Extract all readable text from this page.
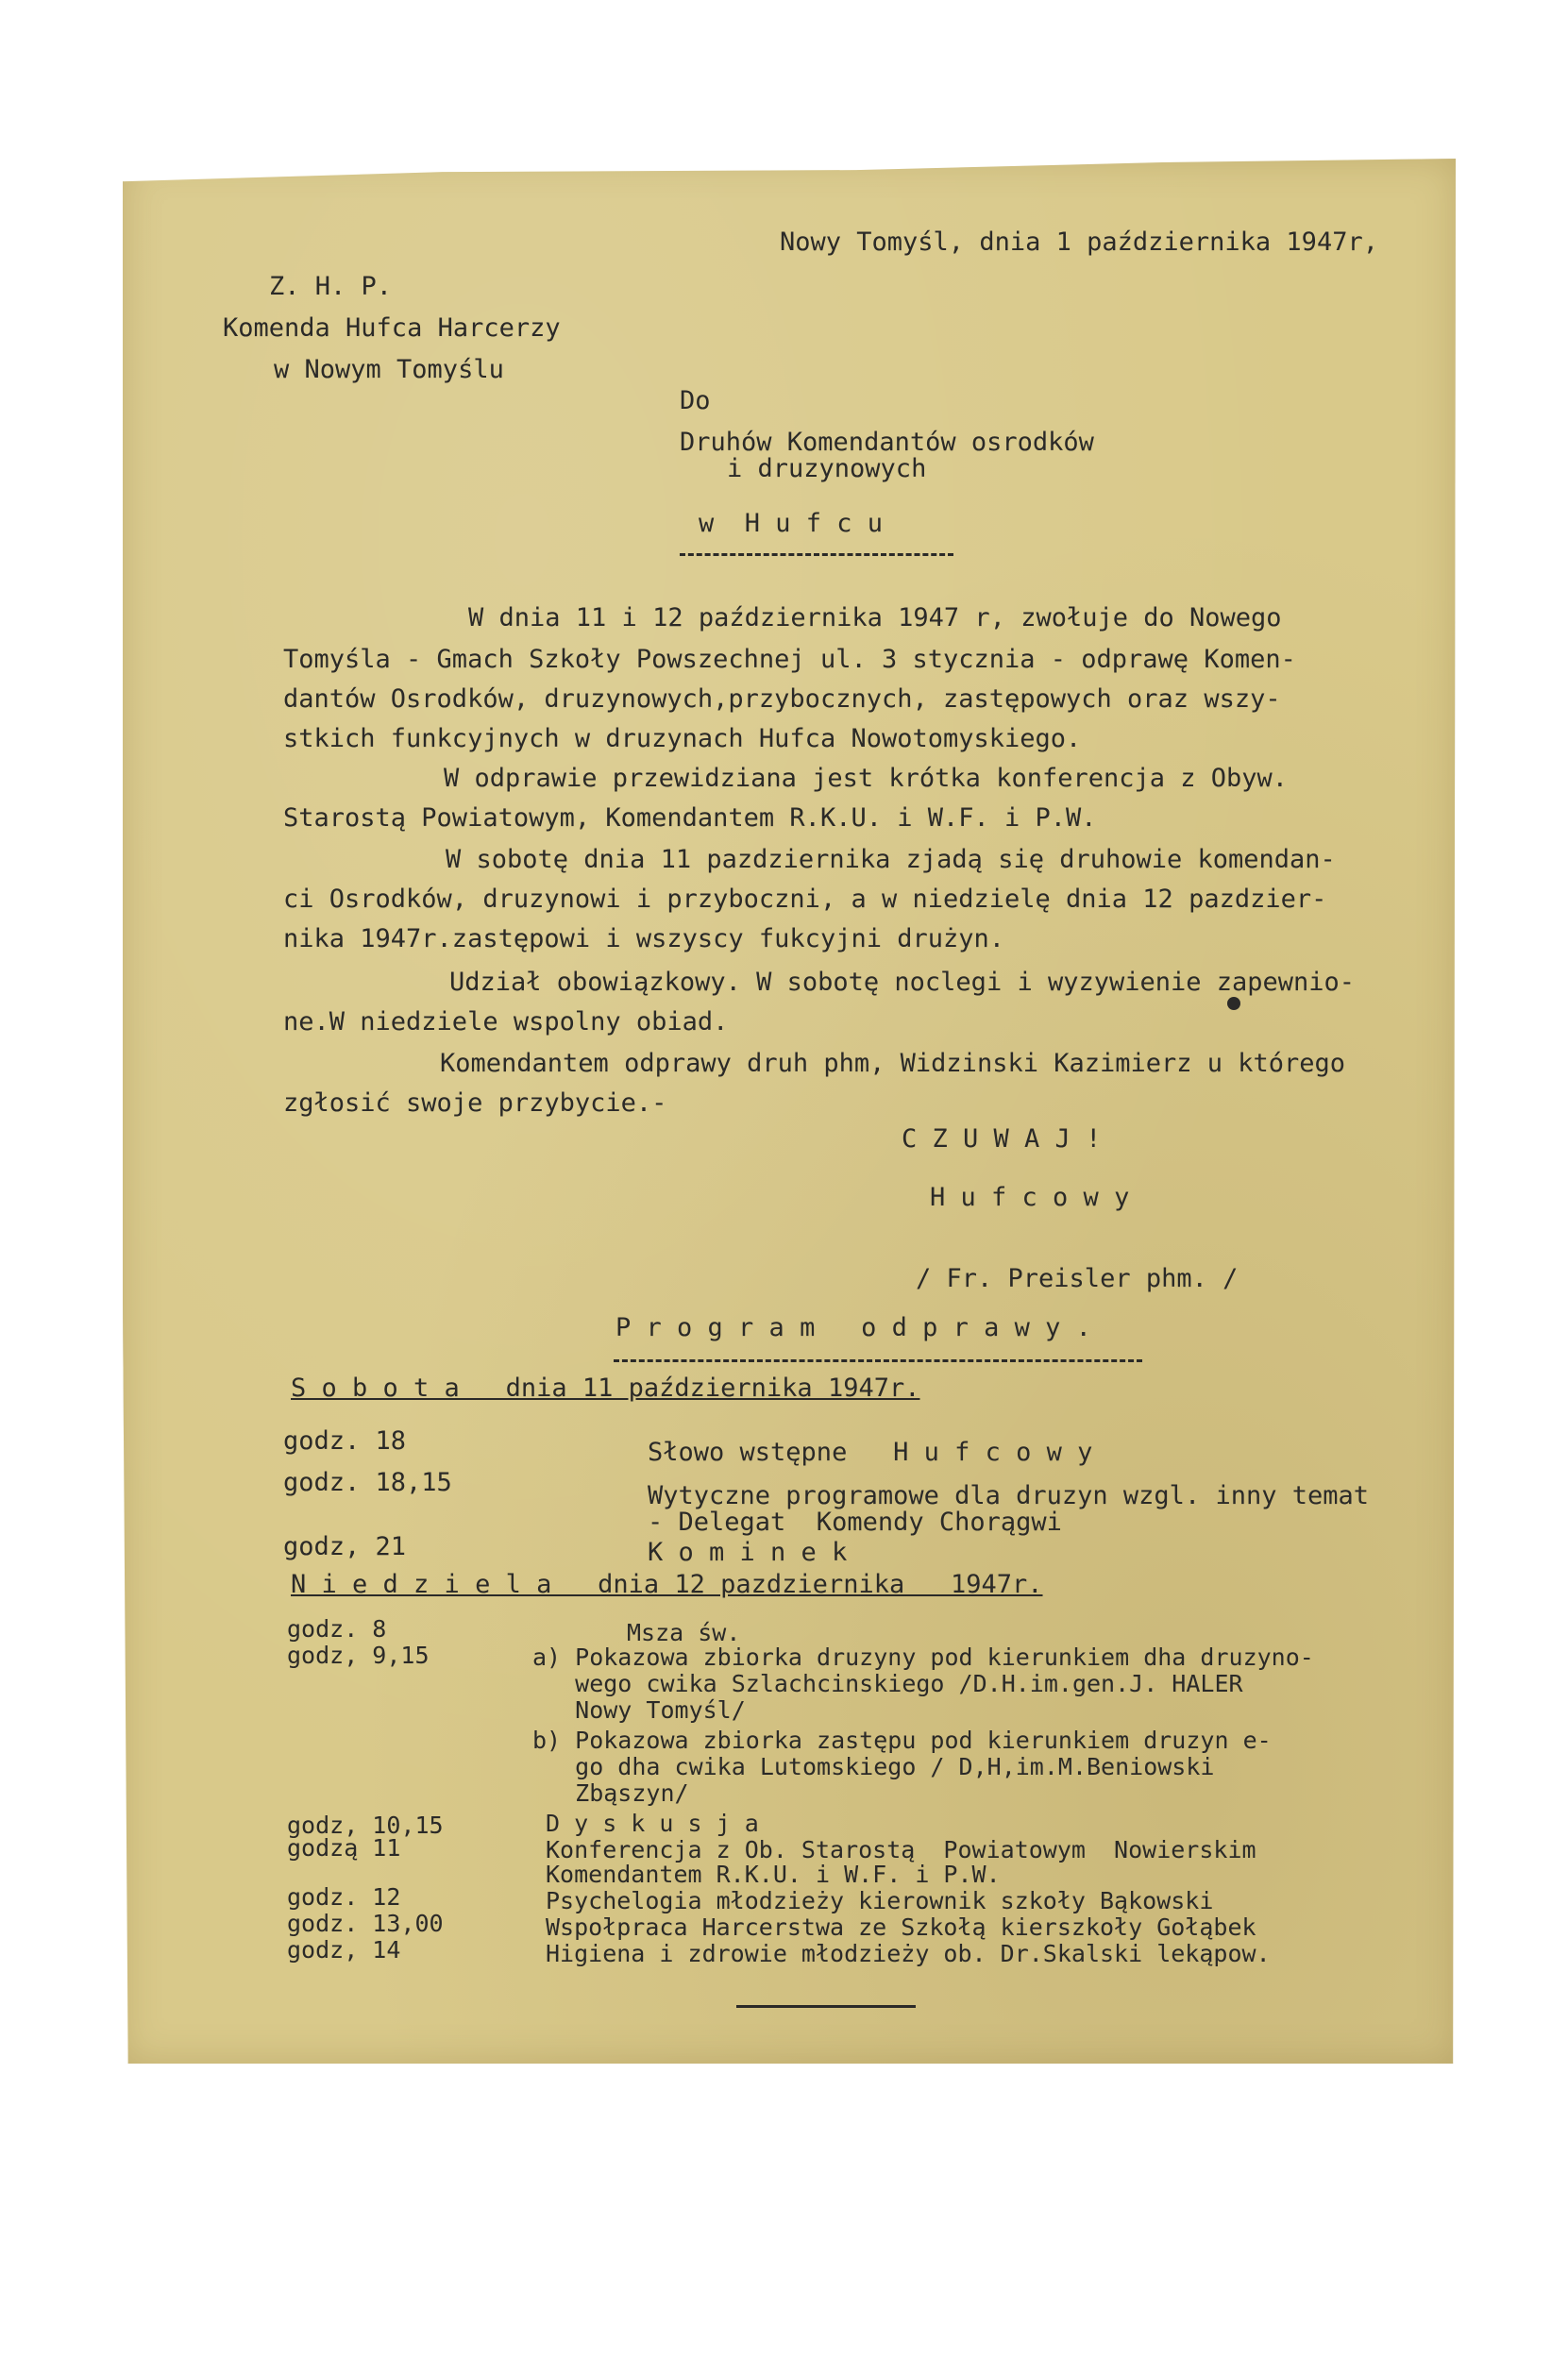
Nowy Tomyśl, dnia 1 października 1947r,
Z. H. P.
Komenda Hufca Harcerzy
w Nowym Tomyślu
Do
Druhów Komendantów osrodków
i druzynowych
w  H u f c u
W dnia 11 i 12 października 1947 r, zwołuje do Nowego
Tomyśla - Gmach Szkoły Powszechnej ul. 3 stycznia - odprawę Komen-
dantów Osrodków, druzynowych,przybocznych, zastępowych oraz wszy-
stkich funkcyjnych w druzynach Hufca Nowotomyskiego.
W odprawie przewidziana jest krótka konferencja z Obyw.
Starostą Powiatowym, Komendantem R.K.U. i W.F. i P.W.
W sobotę dnia 11 pazdziernika zjadą się druhowie komendan-
ci Osrodków, druzynowi i przyboczni, a w niedzielę dnia 12 pazdzier-
nika 1947r.zastępowi i wszyscy fukcyjni drużyn.
Udział obowiązkowy. W sobotę noclegi i wyzywienie zapewnio-
ne.W niedziele wspolny obiad.
Komendantem odprawy druh phm, Widzinski Kazimierz u którego
zgłosić swoje przybycie.-
C Z U W A J !
H u f c o w y
/ Fr. Preisler phm. /
P r o g r a m   o d p r a w y .
S o b o t a   dnia 11 października 1947r.
godz. 18	Słowo wstępne   H u f c o w y
godz. 18,15	Wytyczne programowe dla druzyn wzgl. inny temat
- Delegat  Komendy Chorągwi
godz, 21	K o m i n e k
N i e d z i e l a   dnia 12 pazdziernika   1947r.
godz. 8	Msza św.
godz, 9,15	a) Pokazowa zbiorka druzyny pod kierunkiem dha druzyno-
wego cwika Szlachcinskiego /D.H.im.gen.J. HALER
Nowy Tomyśl/
b) Pokazowa zbiorka zastępu pod kierunkiem druzyn e-
go dha cwika Lutomskiego / D,H,im.M.Beniowski
Zbąszyn/
godz, 10,15	D y s k u s j a
godzą 11	Konferencja z Ob. Starostą  Powiatowym  Nowierskim
Komendantem R.K.U. i W.F. i P.W.
godz. 12	Psychelogia młodzieży kierownik szkoły Bąkowski
godz. 13,00	Wspołpraca Harcerstwa ze Szkołą kierszkoły Gołąbek
godz, 14	Higiena i zdrowie młodzieży ob. Dr.Skalski lekąpow.
